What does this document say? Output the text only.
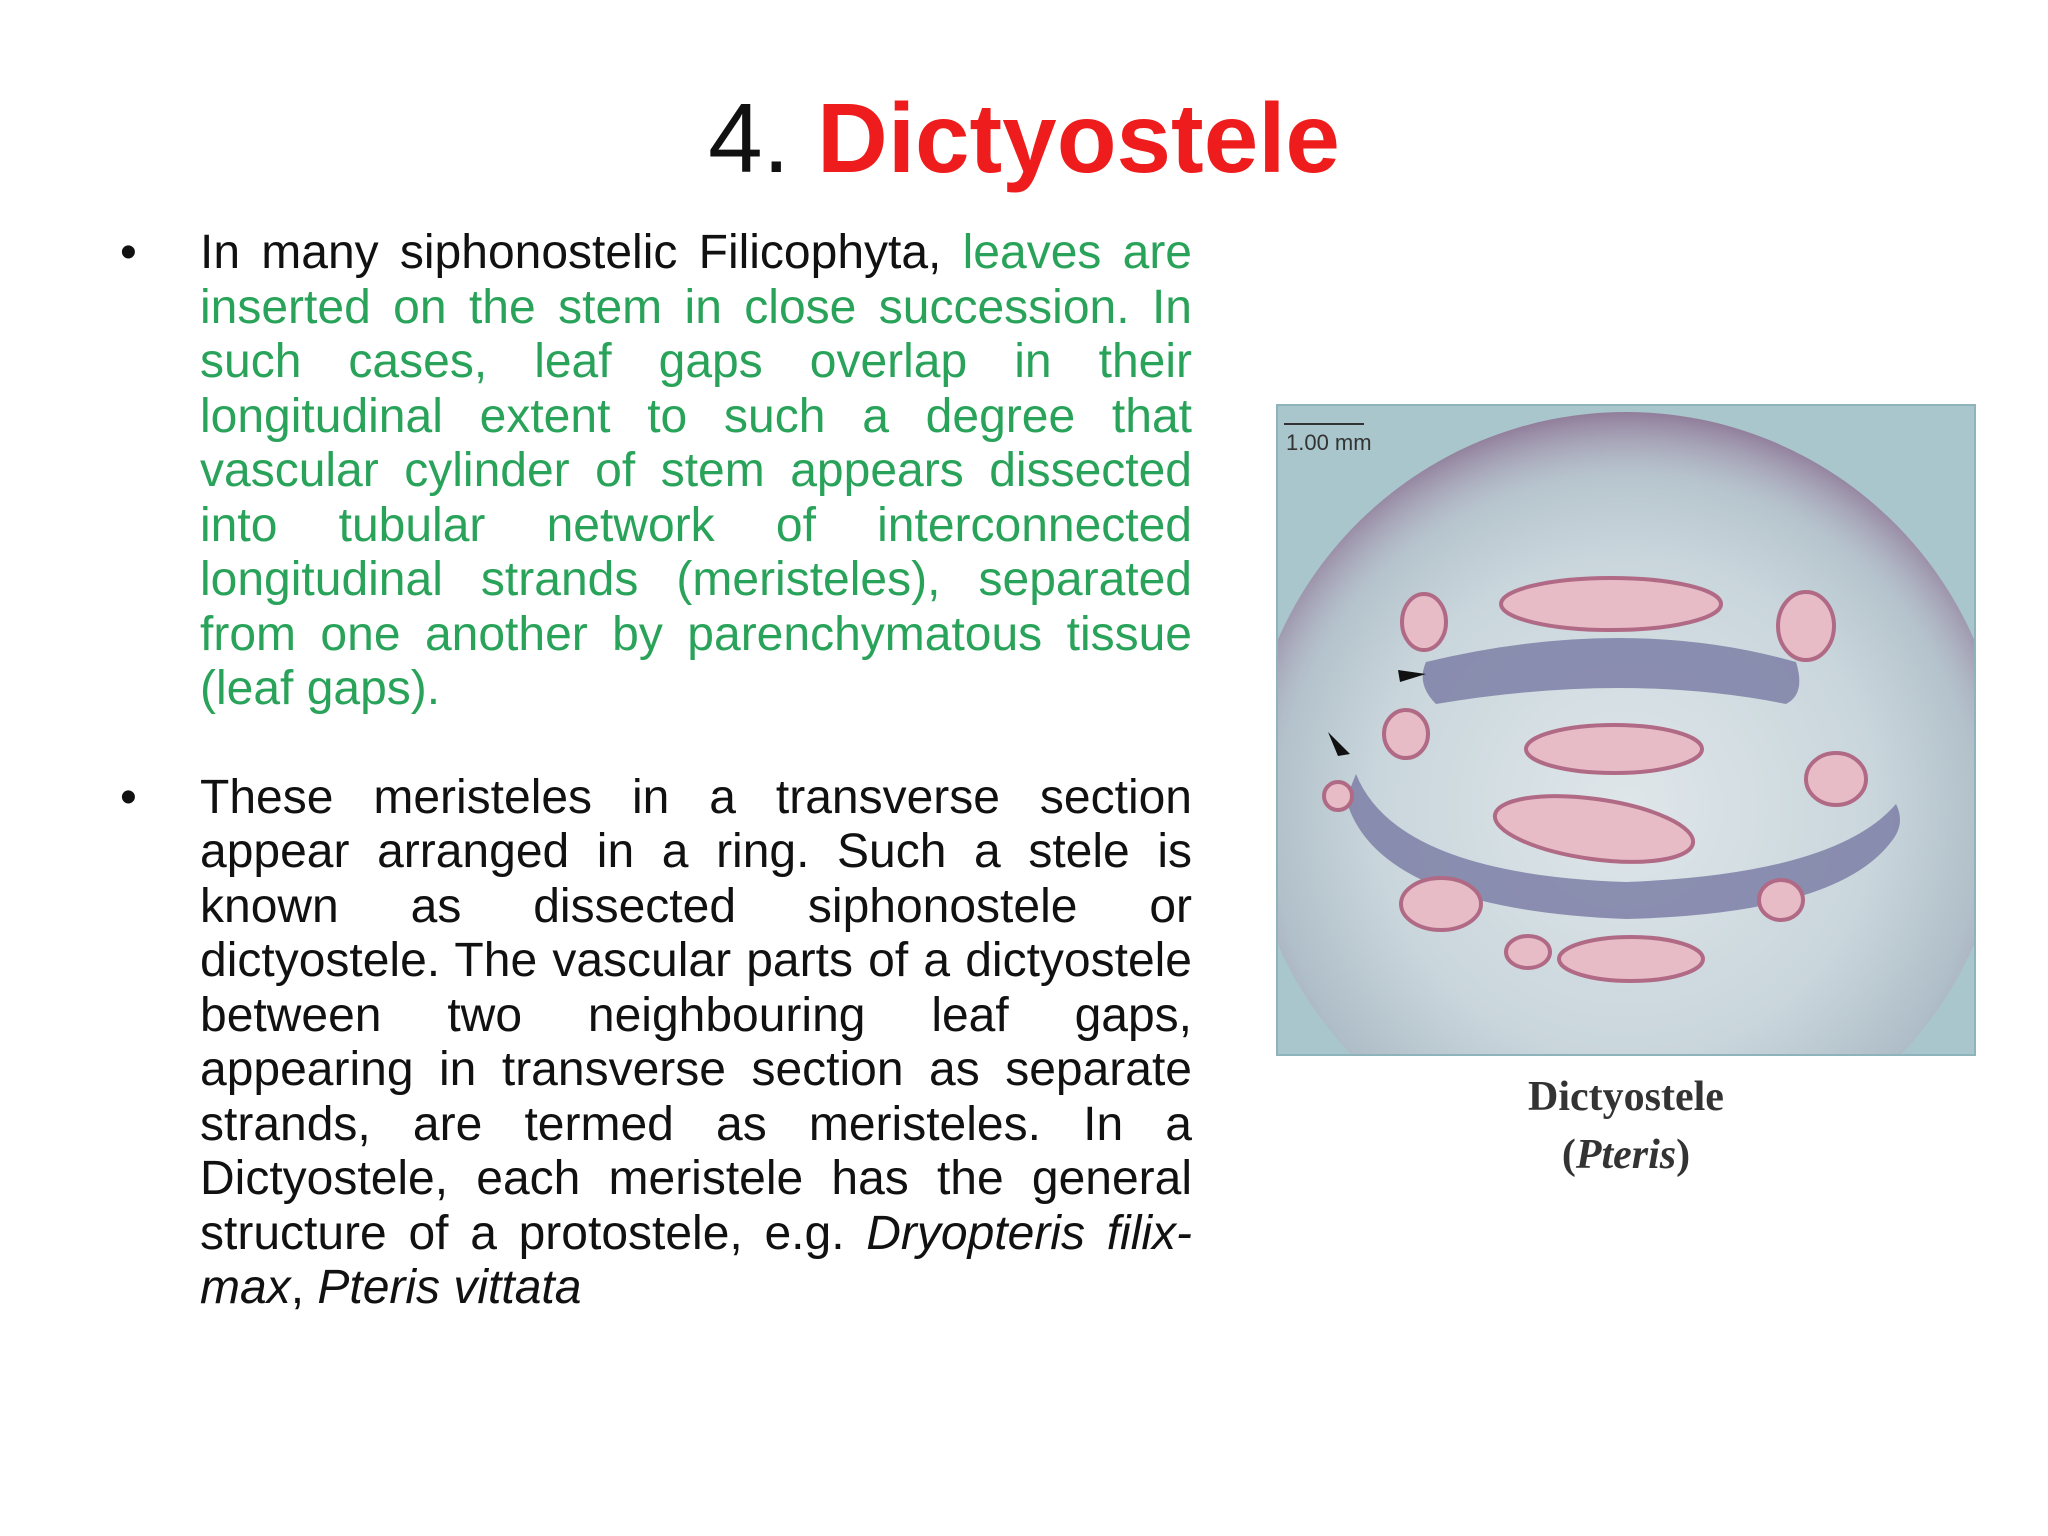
4. Dictyostele
• In many siphonostelic Filicophyta, leaves are inserted on the stem in close succession. In such cases, leaf gaps overlap in their longitudinal extent to such a degree that vascular cylinder of stem appears dissected into tubular network of interconnected longitudinal strands (meristeles), separated from one another by parenchymatous tissue (leaf gaps).
• These meristeles in a transverse section appear arranged in a ring. Such a stele is known as dissected siphonostele or dictyostele. The vascular parts of a dictyostele between two neighbouring leaf gaps, appearing in transverse section as separate strands, are termed as meristeles. In a Dictyostele, each meristele has the general structure of a protostele, e.g. Dryopteris filix-max, Pteris vittata
1.00 mm
Dictyostele
(Pteris)
